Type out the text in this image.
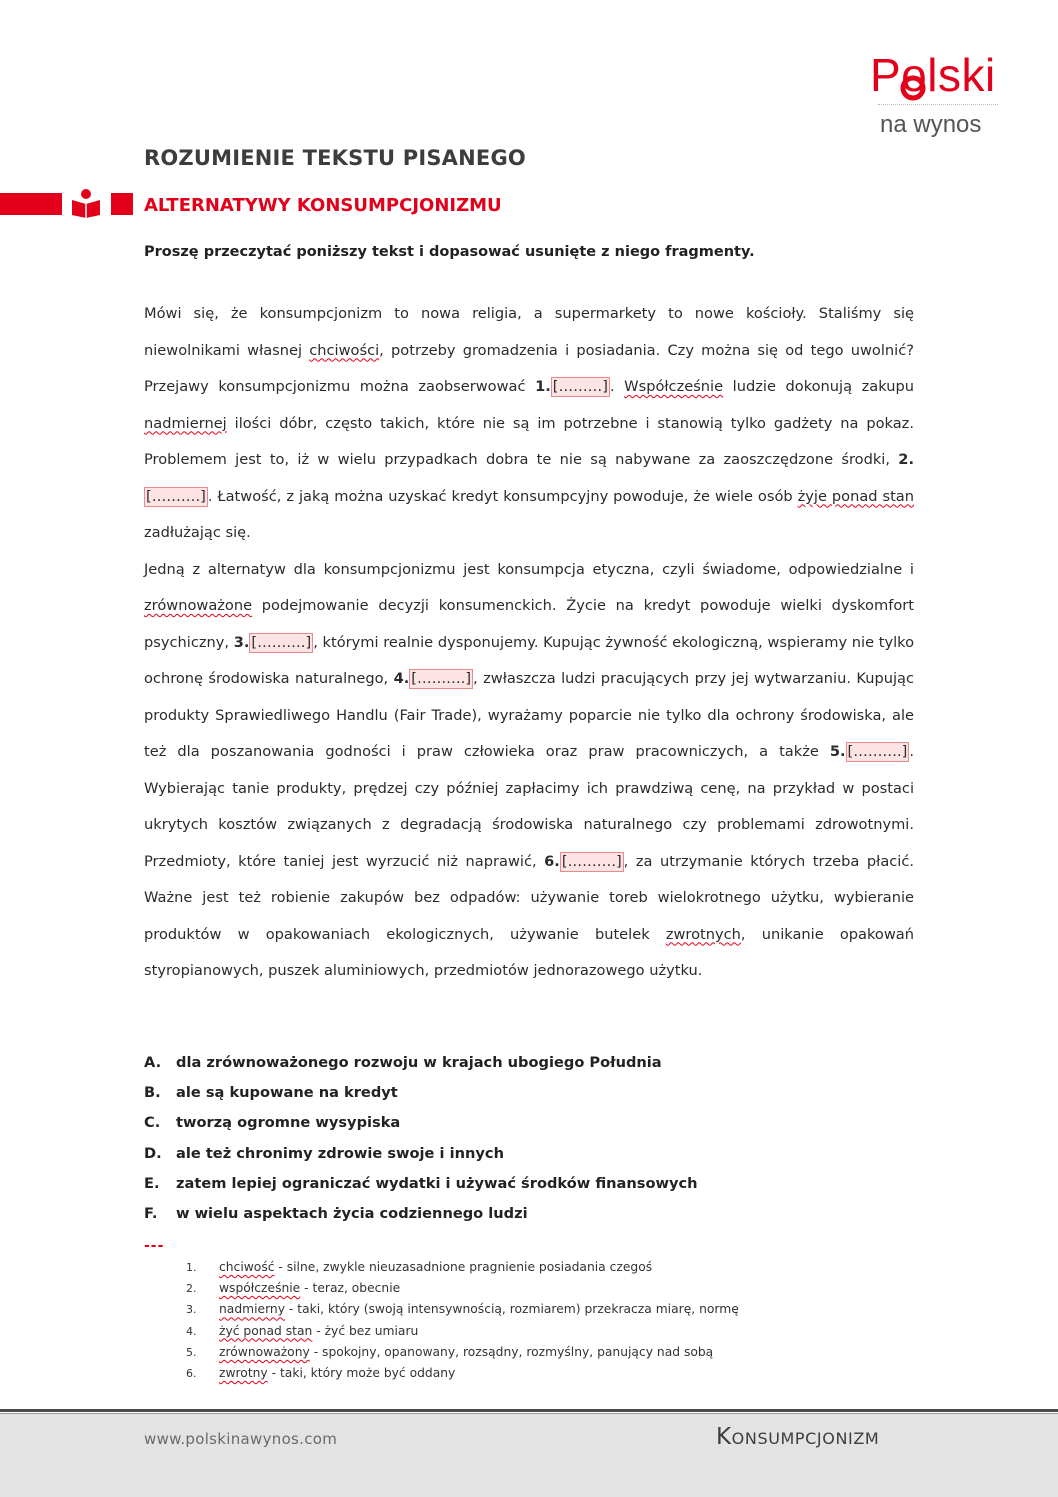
Polski
na wynos
ROZUMIENIE TEKSTU PISANEGO
ALTERNATYWY KONSUMPCJONIZMU
Proszę przeczytać poniższy tekst i dopasować usunięte z niego fragmenty.

Mówi się, że konsumpcjonizm to nowa religia, a supermarkety to nowe kościoły. Staliśmy się niewolnikami własnej chciwości, potrzeby gromadzenia i posiadania. Czy można się od tego uwolnić? Przejawy konsumpcjonizmu można zaobserwować 1. [………] . Współcześnie ludzie dokonują zakupu nadmiernej ilości dóbr, często takich, które nie są im potrzebne i stanowią tylko gadżety na pokaz. Problemem jest to, iż w wielu przypadkach dobra te nie są nabywane za zaoszczędzone środki, 2.[……….] . Łatwość, z jaką można uzyskać kredyt konsumpcyjny powoduje, że wiele osób żyje ponad stan zadłużając się.

Jedną z alternatyw dla konsumpcjonizmu jest konsumpcja etyczna, czyli świadome, odpowiedzialne i zrównoważone podejmowanie decyzji konsumenckich. Życie na kredyt powoduje wielki dyskomfort psychiczny, 3. [……….] , którymi realnie dysponujemy. Kupując żywność ekologiczną, wspieramy nie tylko ochronę środowiska naturalnego, 4. [……….] , zwłaszcza ludzi pracujących przy jej wytwarzaniu. Kupując produkty Sprawiedliwego Handlu (Fair Trade), wyrażamy poparcie nie tylko dla ochrony środowiska, ale też dla poszanowania godności i praw człowieka oraz praw pracowniczych, a także 5. [……….] . Wybierając tanie produkty, prędzej czy później zapłacimy ich prawdziwą cenę, na przykład w postaci ukrytych kosztów związanych z degradacją środowiska naturalnego czy problemami zdrowotnymi. Przedmioty, które taniej jest wyrzucić niż naprawić, 6. [……….] , za utrzymanie których trzeba płacić. Ważne jest też robienie zakupów bez odpadów: używanie toreb wielokrotnego użytku, wybieranie produktów w opakowaniach ekologicznych, używanie butelek zwrotnych, unikanie opakowań styropianowych, puszek aluminiowych, przedmiotów jednorazowego użytku.

A. dla zrównoważonego rozwoju w krajach ubogiego Południa
B. ale są kupowane na kredyt
C. tworzą ogromne wysypiska
D. ale też chronimy zdrowie swoje i innych
E. zatem lepiej ograniczać wydatki i używać środków finansowych
F. w wielu aspektach życia codziennego ludzi
---
1. chciwość - silne, zwykle nieuzasadnione pragnienie posiadania czegoś
2. współcześnie - teraz, obecnie
3. nadmierny - taki, który (swoją intensywnością, rozmiarem) przekracza miarę, normę
4. żyć ponad stan - żyć bez umiaru
5. zrównoważony - spokojny, opanowany, rozsądny, rozmyślny, panujący nad sobą
6. zwrotny - taki, który może być oddany
www.polskinawynos.com	Konsumpcjonizm
